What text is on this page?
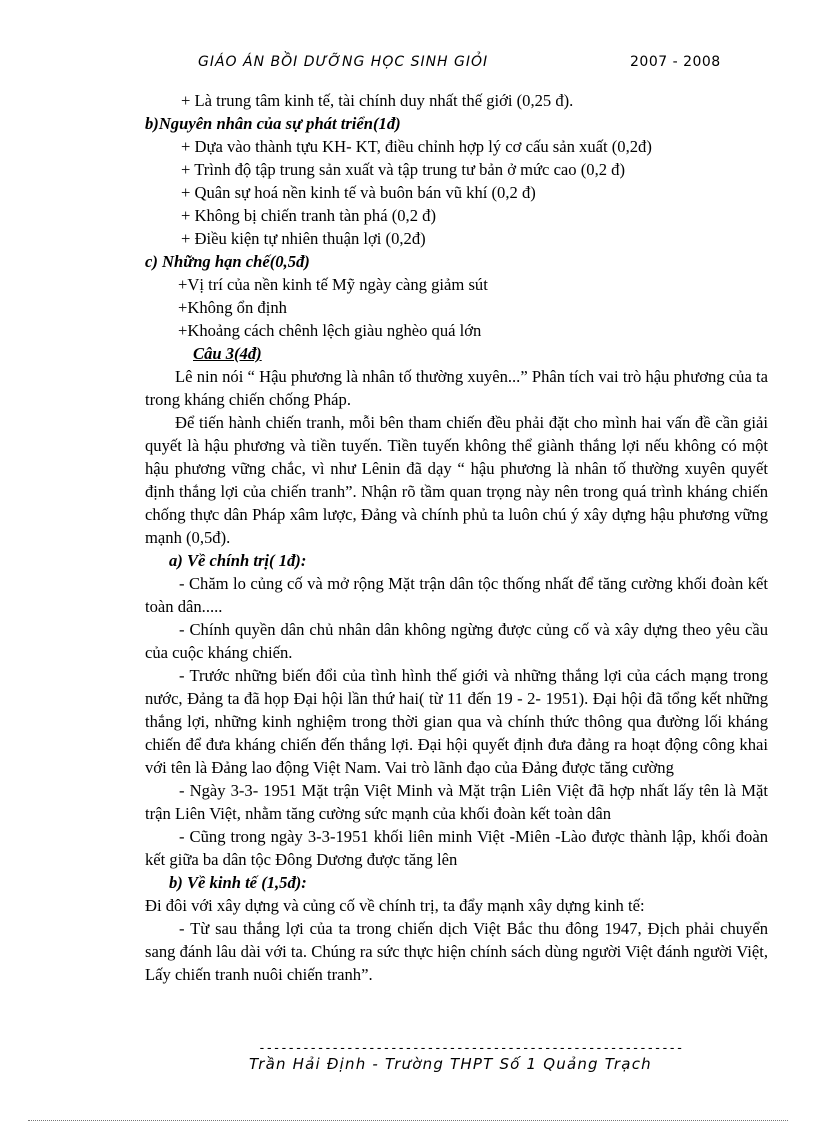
GIÁO ÁN BỒI DƯỠNG HỌC SINH GIỎI	2007 - 2008
+ Là trung tâm kinh tế, tài chính duy nhất thế giới (0,25 đ).
b)Nguyên nhân của sự phát triển(1đ)
+ Dựa vào thành tựu KH- KT, điều chỉnh hợp lý cơ cấu sản xuất (0,2đ)
+ Trình độ tập trung sản xuất và tập trung tư bản ở mức cao (0,2 đ)
+ Quân sự hoá nền kinh tế và buôn bán vũ khí (0,2 đ)
+ Không bị chiến tranh tàn phá (0,2 đ)
+ Điều kiện tự nhiên thuận lợi (0,2đ)
c) Những hạn chế(0,5đ)
+Vị trí của nền kinh tế Mỹ ngày càng giảm sút
+Không ổn định
+Khoảng cách chênh lệch giàu nghèo quá lớn
Câu 3(4đ)

Lê nin nói “ Hậu phương là nhân tố thường xuyên...” Phân tích vai trò hậu phương của ta trong kháng chiến chống Pháp.

Để tiến hành chiến tranh, mỗi bên tham chiến đều phải đặt cho mình hai vấn đề cần giải quyết là hậu phương và tiền tuyến. Tiền tuyến không thể giành thắng lợi nếu không có một hậu phương vững chắc, vì như Lênin đã dạy “ hậu phương là nhân tố thường xuyên quyết định thắng lợi của chiến tranh”. Nhận rõ tầm quan trọng này nên trong quá trình kháng chiến chống thực dân Pháp xâm lược, Đảng và chính phủ ta luôn chú ý xây dựng hậu phương vững mạnh (0,5đ).

a) Về chính trị( 1đ):

- Chăm lo củng cố và mở rộng Mặt trận dân tộc thống nhất để tăng cường khối đoàn kết toàn dân.....

- Chính quyền dân chủ nhân dân không ngừng được củng cố và xây dựng theo yêu cầu của cuộc kháng chiến.

- Trước những biến đổi của tình hình thế giới và những thắng lợi của cách mạng trong nước, Đảng ta đã họp Đại hội lần thứ hai( từ 11 đến 19 - 2- 1951). Đại hội đã tổng kết những thắng lợi, những kinh nghiệm trong thời gian qua và chính thức thông qua đường lối kháng chiến để đưa kháng chiến đến thắng lợi. Đại hội quyết định đưa đảng ra hoạt động công khai với tên là Đảng lao động Việt Nam. Vai trò lãnh đạo của Đảng được tăng cường

- Ngày 3-3- 1951 Mặt trận Việt Minh và Mặt trận Liên Việt đã hợp nhất lấy tên là Mặt trận Liên Việt, nhằm tăng cường sức mạnh của khối đoàn kết toàn dân

- Cũng trong ngày 3-3-1951 khối liên minh Việt -Miên -Lào được thành lập, khối đoàn kết giữa ba dân tộc Đông Dương được tăng lên

b) Về kinh tế (1,5đ):

Đi đôi với xây dựng và củng cố về chính trị, ta đẩy mạnh xây dựng kinh tế:

- Từ sau thắng lợi của ta trong chiến dịch Việt Bắc thu đông 1947, Địch phải chuyển sang đánh lâu dài với ta. Chúng ra sức thực hiện chính sách dùng người Việt đánh người Việt, Lấy chiến tranh nuôi chiến tranh”.

----------------------------------------------------------
Trần Hải Định - Trường THPT Số 1 Quảng Trạch
